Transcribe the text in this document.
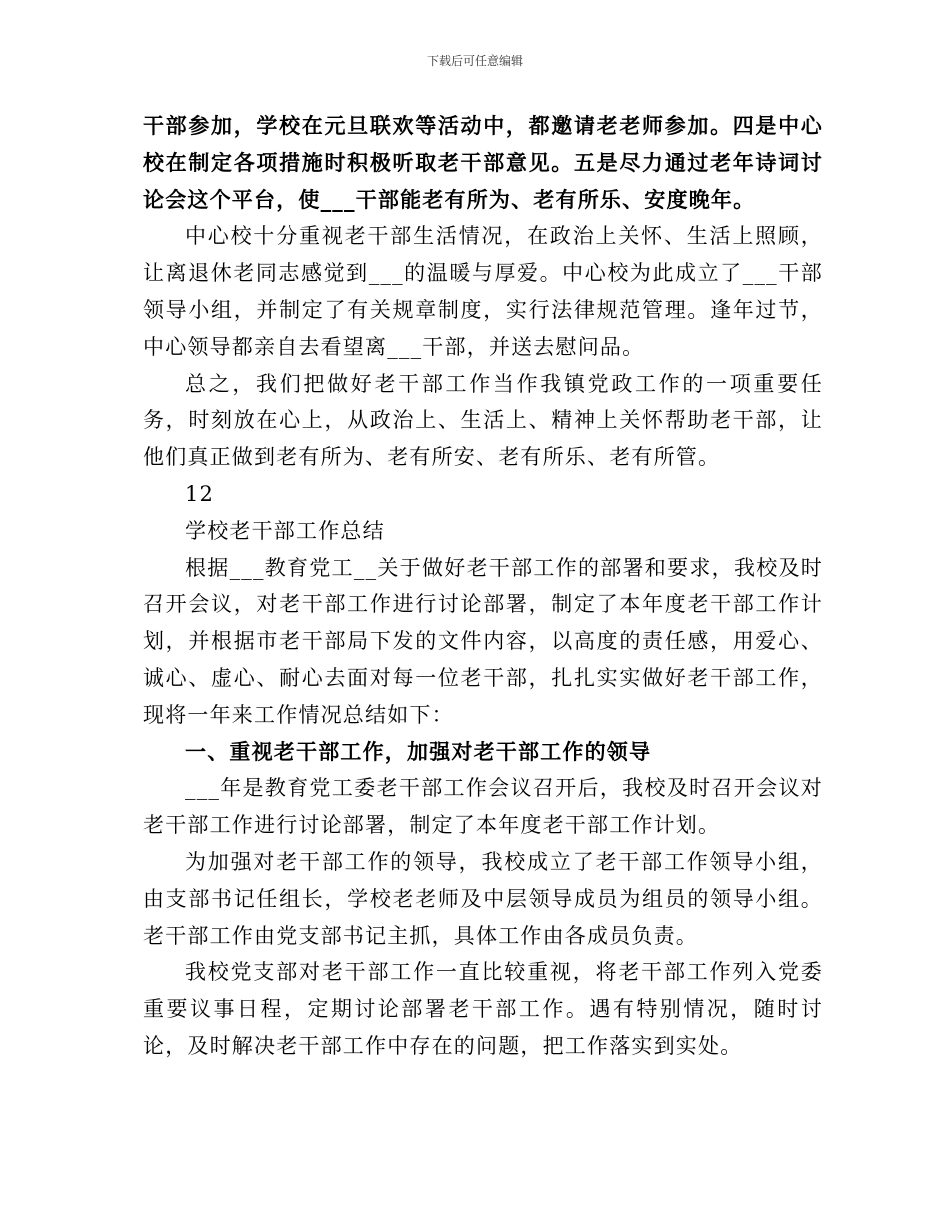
下载后可任意编辑

干部参加，学校在元旦联欢等活动中，都邀请老老师参加。四是中心校在制定各项措施时积极听取老干部意见。五是尽力通过老年诗词讨论会这个平台，使___干部能老有所为、老有所乐、安度晚年。

中心校十分重视老干部生活情况，在政治上关怀、生活上照顾，让离退休老同志感觉到___的温暖与厚爱。中心校为此成立了___干部领导小组，并制定了有关规章制度，实行法律规范管理。逢年过节，中心领导都亲自去看望离___干部，并送去慰问品。

总之，我们把做好老干部工作当作我镇党政工作的一项重要任务，时刻放在心上，从政治上、生活上、精神上关怀帮助老干部，让他们真正做到老有所为、老有所安、老有所乐、老有所管。

12

学校老干部工作总结

根据___教育党工__关于做好老干部工作的部署和要求，我校及时召开会议，对老干部工作进行讨论部署，制定了本年度老干部工作计划，并根据市老干部局下发的文件内容，以高度的责任感，用爱心、诚心、虚心、耐心去面对每一位老干部，扎扎实实做好老干部工作，现将一年来工作情况总结如下：

一、重视老干部工作，加强对老干部工作的领导

___年是教育党工委老干部工作会议召开后，我校及时召开会议对老干部工作进行讨论部署，制定了本年度老干部工作计划。

为加强对老干部工作的领导，我校成立了老干部工作领导小组，由支部书记任组长，学校老老师及中层领导成员为组员的领导小组。老干部工作由党支部书记主抓，具体工作由各成员负责。

我校党支部对老干部工作一直比较重视，将老干部工作列入党委重要议事日程，定期讨论部署老干部工作。遇有特别情况，随时讨论，及时解决老干部工作中存在的问题，把工作落实到实处。
